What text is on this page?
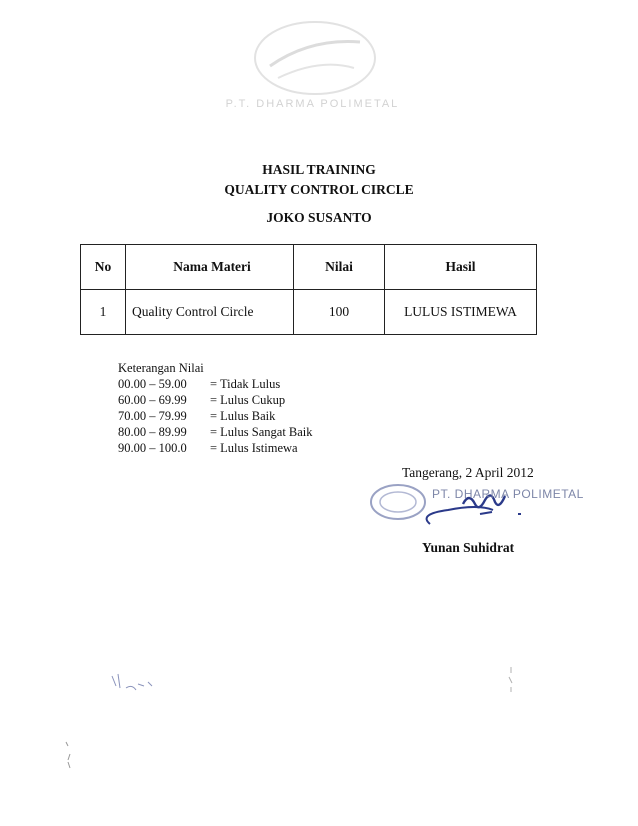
P.T. DHARMA POLIMETAL
HASIL TRAINING
QUALITY CONTROL CIRCLE
JOKO SUSANTO
No	Nama Materi	Nilai	Hasil
1	Quality Control Circle	100	LULUS ISTIMEWA
Keterangan Nilai
00.00 – 59.00	= Tidak Lulus
60.00 – 69.99	= Lulus Cukup
70.00 – 79.99	= Lulus Baik
80.00 – 89.99	= Lulus Sangat Baik
90.00 – 100.0	= Lulus Istimewa
Tangerang, 2 April 2012
PT. DHARMA POLIMETAL
Yunan Suhidrat
